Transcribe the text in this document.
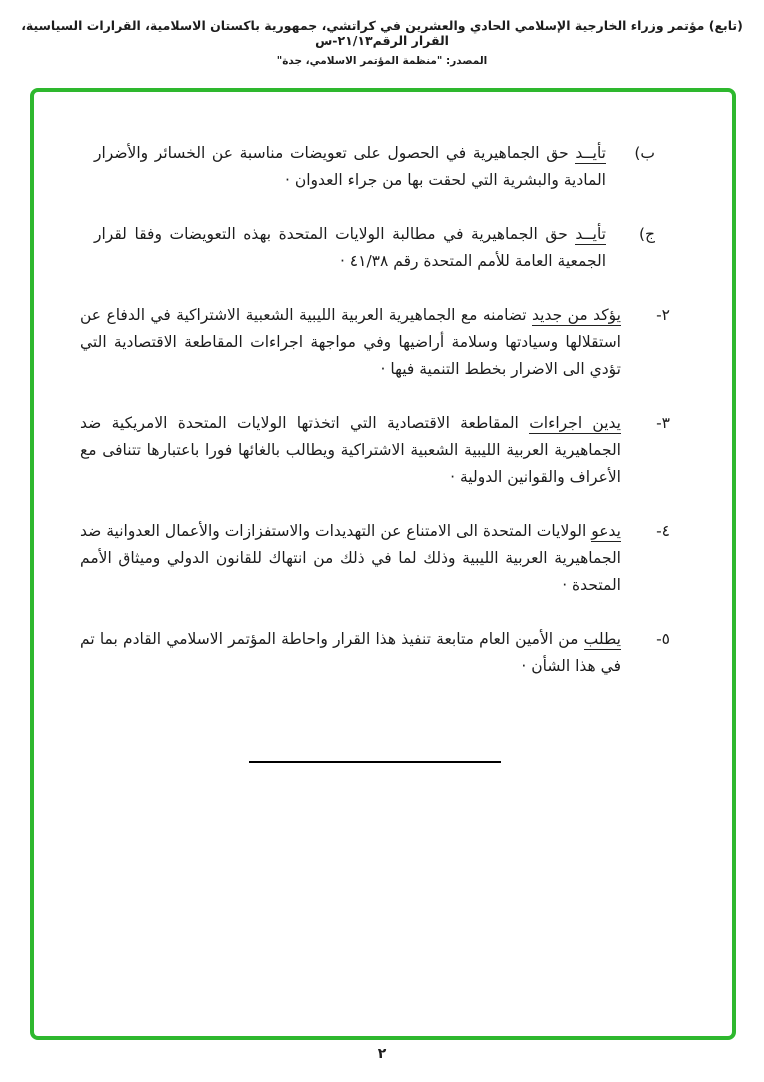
(تابع) مؤتمر وزراء الخارجية الإسلامي الحادي والعشرين في كراتشي، جمهورية باكستان الاسلامية، القرارات السياسية، القرار الرقم٢١/١٣-س
المصدر: "منظمة المؤتمر الاسلامي، جدة"
ب)

تأيــد حق الجماهيرية في الحصول على تعويضات مناسبة عن الخسائر والأضرار المادية والبشرية التي لحقت بها من جراء العدوان ·

ج)

تأيــد حق الجماهيرية في مطالبة الولايات المتحدة بهذه التعويضات وفقا لقرار الجمعية العامة للأمم المتحدة رقم ٤١/٣٨ ·

٢-

يؤكد من جديد تضامنه مع الجماهيرية العربية الليبية الشعبية الاشتراكية في الدفاع عن استقلالها وسيادتها وسلامة أراضيها وفي مواجهة اجراءات المقاطعة الاقتصادية التي تؤدي الى الاضرار بخطط التنمية فيها ·

٣-

يدين اجراءات المقاطعة الاقتصادية التي اتخذتها الولايات المتحدة الامريكية ضد الجماهيرية العربية الليبية الشعبية الاشتراكية ويطالب بالغائها فورا باعتبارها تتنافى مع الأعراف والقوانين الدولية ·

٤-

يدعو الولايات المتحدة الى الامتناع عن التهديدات والاستفزازات والأعمال العدوانية ضد الجماهيرية العربية الليبية وذلك لما في ذلك من انتهاك للقانون الدولي وميثاق الأمم المتحدة ·

٥-

يطلب من الأمين العام متابعة تنفيذ هذا القرار واحاطة المؤتمر الاسلامي القادم بما تم في هذا الشأن ·

٢
